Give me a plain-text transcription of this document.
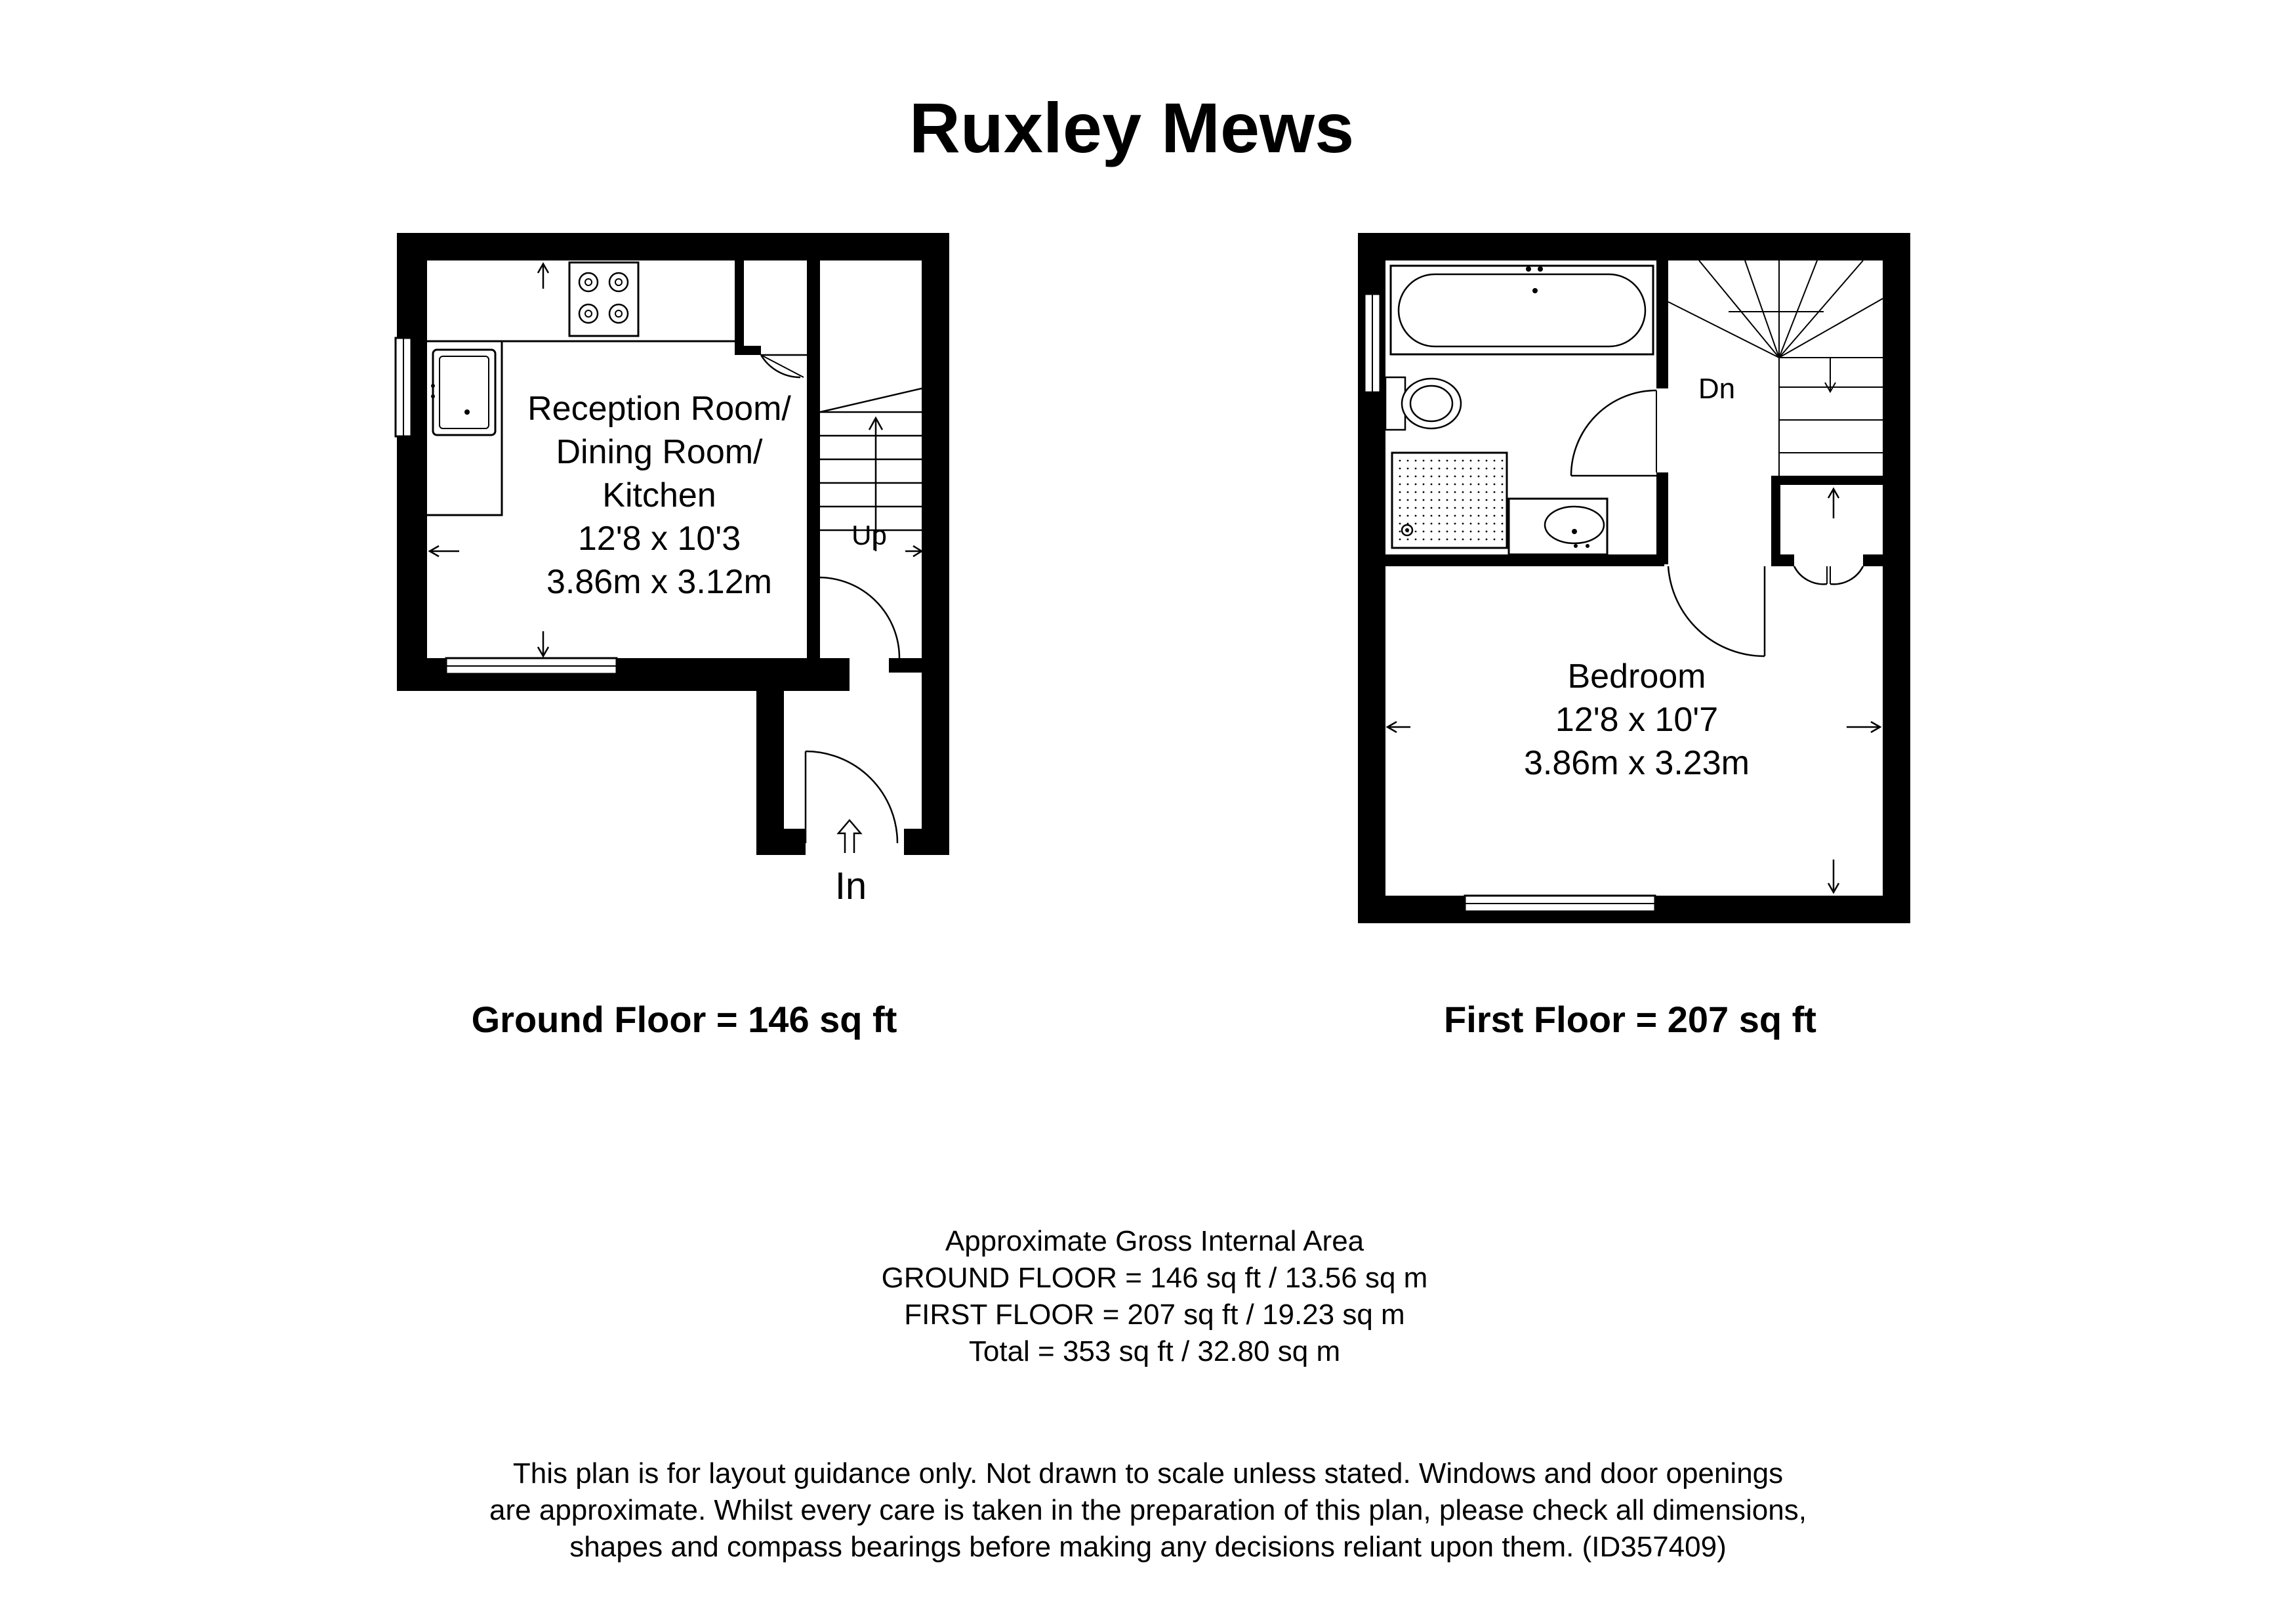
Ruxley Mews
Up
In
Reception Room/
Dining Room/
Kitchen
12'8 x 10'3
3.86m x 3.12m
Dn
Bedroom
12'8 x 10'7
3.86m x 3.23m
Ground Floor = 146 sq ft	First Floor = 207 sq ft
Approximate Gross Internal Area
GROUND FLOOR = 146 sq ft / 13.56 sq m
FIRST FLOOR = 207 sq ft / 19.23 sq m
Total = 353 sq ft / 32.80 sq m
This plan is for layout guidance only. Not drawn to scale unless stated. Windows and door openings
are approximate. Whilst every care is taken in the preparation of this plan, please check all dimensions,
shapes and compass bearings before making any decisions reliant upon them. (ID357409)
